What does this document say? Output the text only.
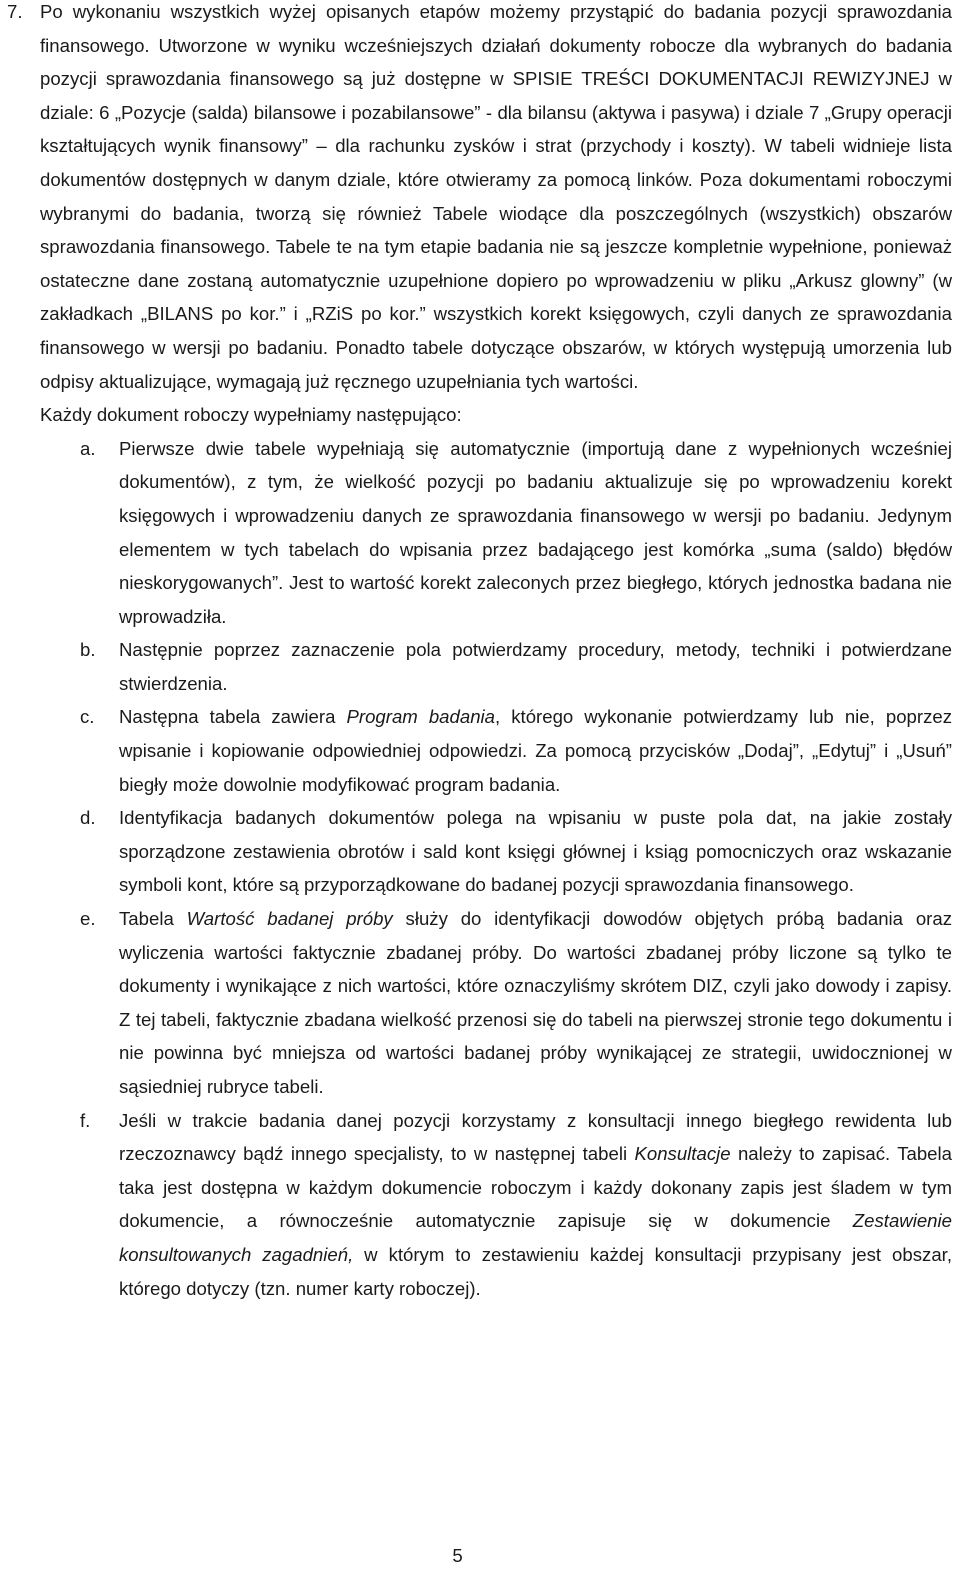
7. Po wykonaniu wszystkich wyżej opisanych etapów możemy przystąpić do badania pozycji sprawozdania finansowego. Utworzone w wyniku wcześniejszych działań dokumenty robocze dla wybranych do badania pozycji sprawozdania finansowego są już dostępne w SPISIE TREŚCI DOKUMENTACJI REWIZYJNEJ w dziale: 6 „Pozycje (salda) bilansowe i pozabilansowe” - dla bilansu (aktywa i pasywa) i dziale 7 „Grupy operacji kształtujących wynik finansowy” – dla rachunku zysków i strat (przychody i koszty). W tabeli widnieje lista dokumentów dostępnych w danym dziale, które otwieramy za pomocą linków. Poza dokumentami roboczymi wybranymi do badania, tworzą się również Tabele wiodące dla poszczególnych (wszystkich) obszarów sprawozdania finansowego. Tabele te na tym etapie badania nie są jeszcze kompletnie wypełnione, ponieważ ostateczne dane zostaną automatycznie uzupełnione dopiero po wprowadzeniu w pliku „Arkusz glowny” (w zakładkach „BILANS po kor.” i „RZiS po kor.” wszystkich korekt księgowych, czyli danych ze sprawozdania finansowego w wersji po badaniu. Ponadto tabele dotyczące obszarów, w których występują umorzenia lub odpisy aktualizujące, wymagają już ręcznego uzupełniania tych wartości.

Każdy dokument roboczy wypełniamy następująco:

a. Pierwsze dwie tabele wypełniają się automatycznie (importują dane z wypełnionych wcześniej dokumentów), z tym, że wielkość pozycji po badaniu aktualizuje się po wprowadzeniu korekt księgowych i wprowadzeniu danych ze sprawozdania finansowego w wersji po badaniu. Jedynym elementem w tych tabelach do wpisania przez badającego jest komórka „suma (saldo) błędów nieskorygowanych”. Jest to wartość korekt zaleconych przez biegłego, których jednostka badana nie wprowadziła.
b. Następnie poprzez zaznaczenie pola potwierdzamy procedury, metody, techniki i potwierdzane stwierdzenia.
c. Następna tabela zawiera Program badania, którego wykonanie potwierdzamy lub nie, poprzez wpisanie i kopiowanie odpowiedniej odpowiedzi. Za pomocą przycisków „Dodaj”, „Edytuj” i „Usuń” biegły może dowolnie modyfikować program badania.
d. Identyfikacja badanych dokumentów polega na wpisaniu w puste pola dat, na jakie zostały sporządzone zestawienia obrotów i sald kont księgi głównej i ksiąg pomocniczych oraz wskazanie symboli kont, które są przyporządkowane do badanej pozycji sprawozdania finansowego.
e. Tabela Wartość badanej próby służy do identyfikacji dowodów objętych próbą badania oraz wyliczenia wartości faktycznie zbadanej próby. Do wartości zbadanej próby liczone są tylko te dokumenty i wynikające z nich wartości, które oznaczyliśmy skrótem DIZ, czyli jako dowody i zapisy. Z tej tabeli, faktycznie zbadana wielkość przenosi się do tabeli na pierwszej stronie tego dokumentu i nie powinna być mniejsza od wartości badanej próby wynikającej ze strategii, uwidocznionej w sąsiedniej rubryce tabeli.
f. Jeśli w trakcie badania danej pozycji korzystamy z konsultacji innego biegłego rewidenta lub rzeczoznawcy bądź innego specjalisty, to w następnej tabeli Konsultacje należy to zapisać. Tabela taka jest dostępna w każdym dokumencie roboczym i każdy dokonany zapis jest śladem w tym dokumencie, a równocześnie automatycznie zapisuje się w dokumencie Zestawienie konsultowanych zagadnień, w którym to zestawieniu każdej konsultacji przypisany jest obszar, którego dotyczy (tzn. numer karty roboczej).
5
